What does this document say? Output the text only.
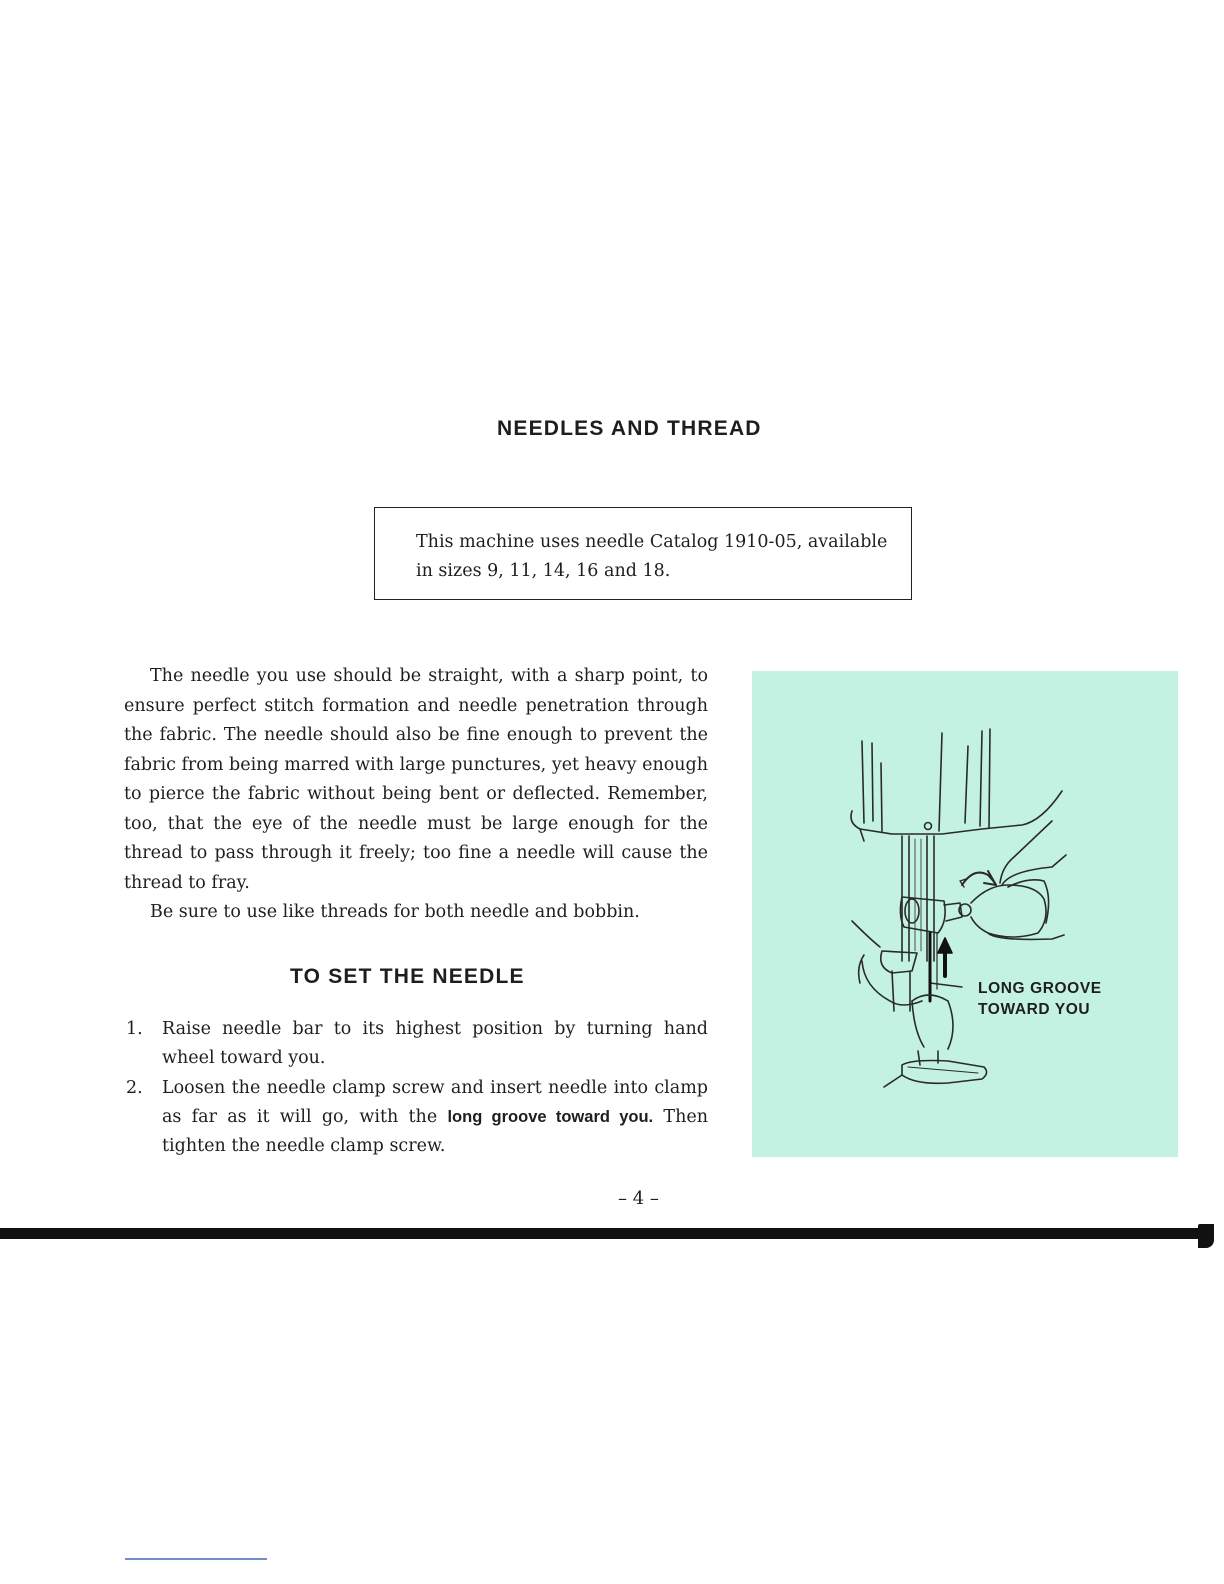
NEEDLES AND THREAD
This machine uses needle Catalog 1910-05, available
in sizes 9, 11, 14, 16 and 18.

The needle you use should be straight, with a sharp point, to ensure perfect stitch formation and needle penetration through the fabric. The needle should also be fine enough to prevent the fabric from being marred with large punctures, yet heavy enough to pierce the fabric without being bent or deflected. Remember, too, that the eye of the needle must be large enough for the thread to pass through it freely; too fine a needle will cause the thread to fray.

Be sure to use like threads for both needle and bobbin.

TO SET THE NEEDLE
1. Raise needle bar to its highest position by turning hand wheel toward you.
2. Loosen the needle clamp screw and insert needle into clamp as far as it will go, with the long groove toward you. Then tighten the needle clamp screw.
LONG GROOVE
TOWARD YOU
– 4 –
